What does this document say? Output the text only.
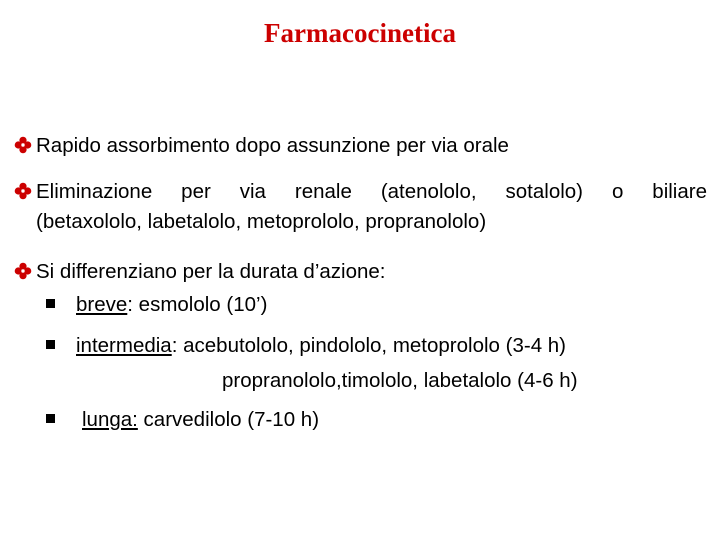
Farmacocinetica
Rapido assorbimento dopo assunzione per via orale
Eliminazione per via renale (atenololo, sotalolo) o biliare
(betaxololo, labetalolo, metoprololo, propranololo)
Si differenziano per la durata d’azione:
breve: esmololo (10’)
intermedia: acebutololo, pindololo, metoprololo (3-4 h)
propranololo,timololo, labetalolo (4-6 h)
lunga: carvedilolo (7-10 h)
